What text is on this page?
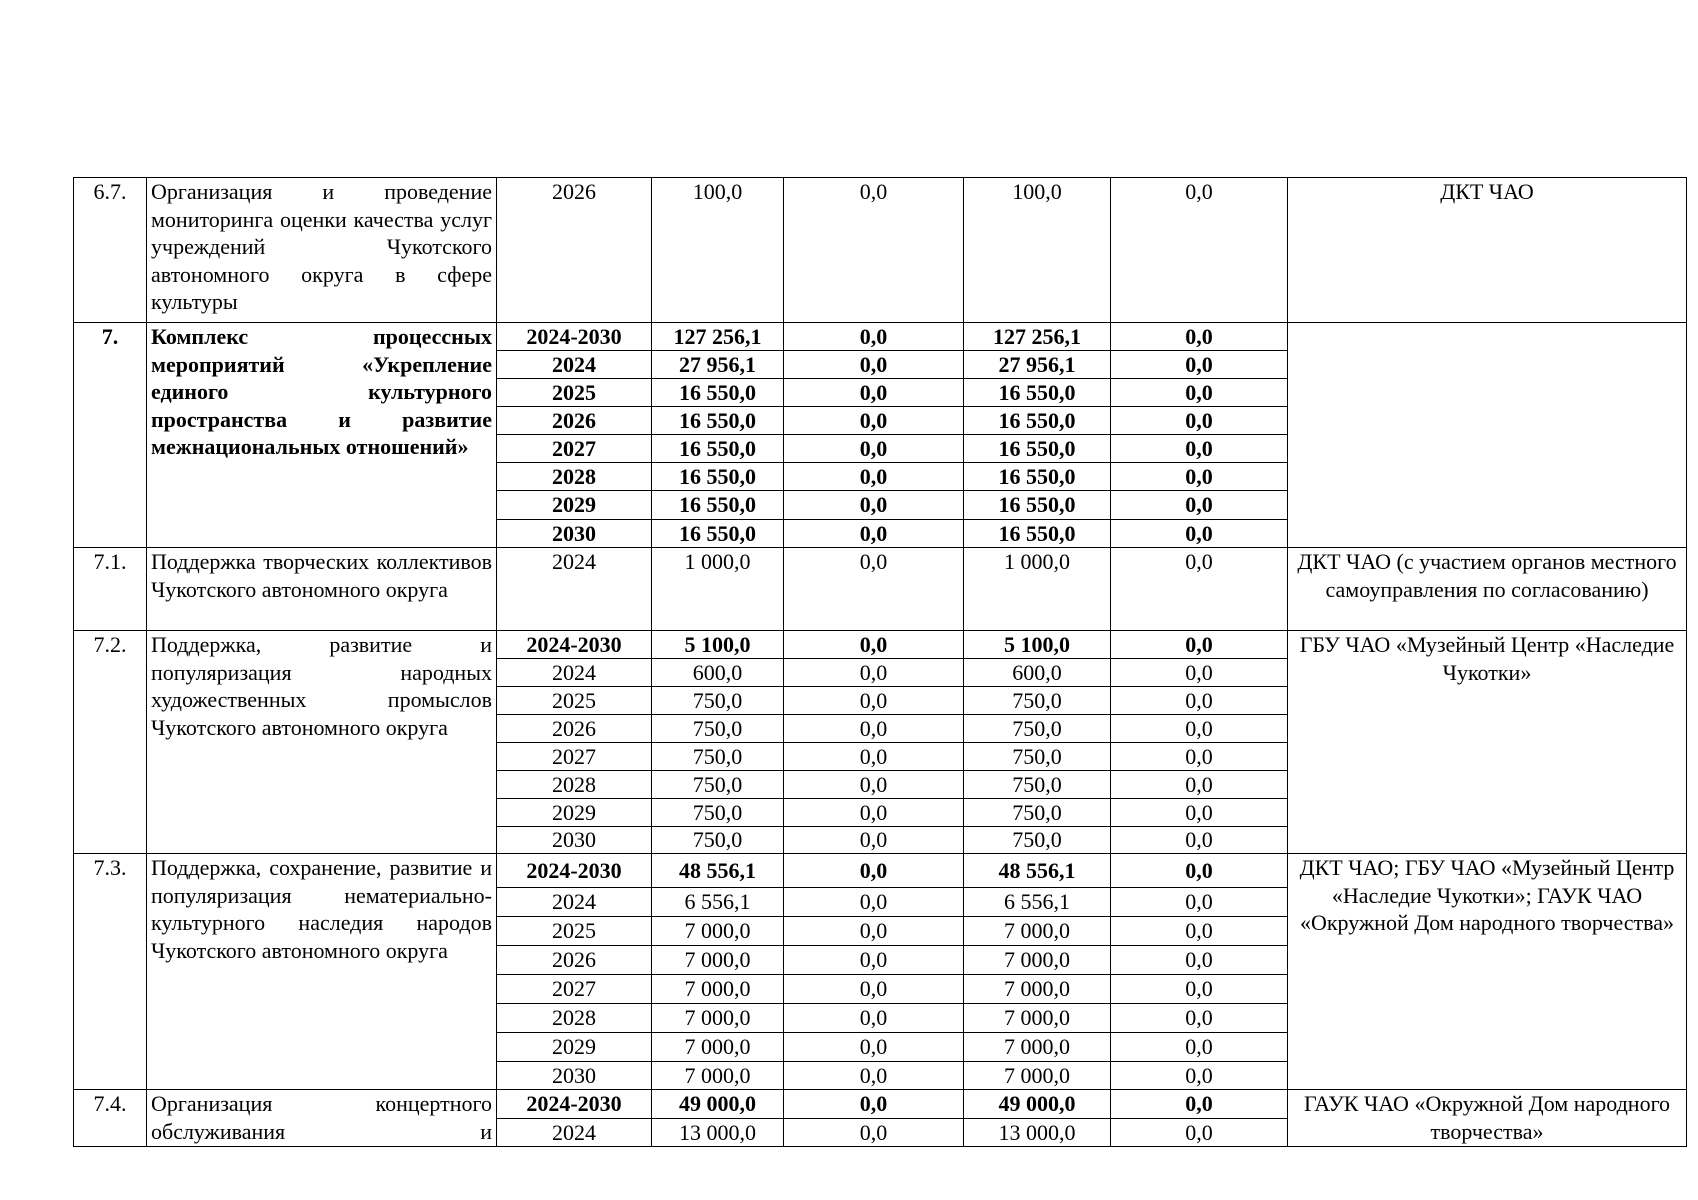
6.7.	Организация и проведение мониторинга оценки качества услуг учреждений Чукотского автономного округа в сфере культуры	2026	100,0	0,0	100,0	0,0	ДКТ ЧАО
7.	Комплекс процессных мероприятий «Укрепление единого культурного пространства и развитие межнациональных отношений»	2024-2030	127 256,1	0,0	127 256,1	0,0	
		2024	27 956,1	0,0	27 956,1	0,0	
		2025	16 550,0	0,0	16 550,0	0,0	
		2026	16 550,0	0,0	16 550,0	0,0	
		2027	16 550,0	0,0	16 550,0	0,0	
		2028	16 550,0	0,0	16 550,0	0,0	
		2029	16 550,0	0,0	16 550,0	0,0	
		2030	16 550,0	0,0	16 550,0	0,0	
7.1.	Поддержка творческих коллективов Чукотского автономного округа	2024	1 000,0	0,0	1 000,0	0,0	ДКТ ЧАО (с участием органов местного самоуправления по согласованию)
7.2.	Поддержка, развитие и популяризация народных художественных промыслов Чукотского автономного округа	2024-2030	5 100,0	0,0	5 100,0	0,0	ГБУ ЧАО «Музейный Центр «Наследие Чукотки»
		2024	600,0	0,0	600,0	0,0	
		2025	750,0	0,0	750,0	0,0	
		2026	750,0	0,0	750,0	0,0	
		2027	750,0	0,0	750,0	0,0	
		2028	750,0	0,0	750,0	0,0	
		2029	750,0	0,0	750,0	0,0	
		2030	750,0	0,0	750,0	0,0	
7.3.	Поддержка, сохранение, развитие и популяризация нематериально-культурного наследия народов Чукотского автономного округа	2024-2030	48 556,1	0,0	48 556,1	0,0	ДКТ ЧАО; ГБУ ЧАО «Музейный Центр «Наследие Чукотки»; ГАУК ЧАО «Окружной Дом народного творчества»
		2024	6 556,1	0,0	6 556,1	0,0	
		2025	7 000,0	0,0	7 000,0	0,0	
		2026	7 000,0	0,0	7 000,0	0,0	
		2027	7 000,0	0,0	7 000,0	0,0	
		2028	7 000,0	0,0	7 000,0	0,0	
		2029	7 000,0	0,0	7 000,0	0,0	
		2030	7 000,0	0,0	7 000,0	0,0	
7.4.	Организация концертного обслуживания и	2024-2030	49 000,0	0,0	49 000,0	0,0	ГАУК ЧАО «Окружной Дом народного творчества»
		2024	13 000,0	0,0	13 000,0	0,0	
